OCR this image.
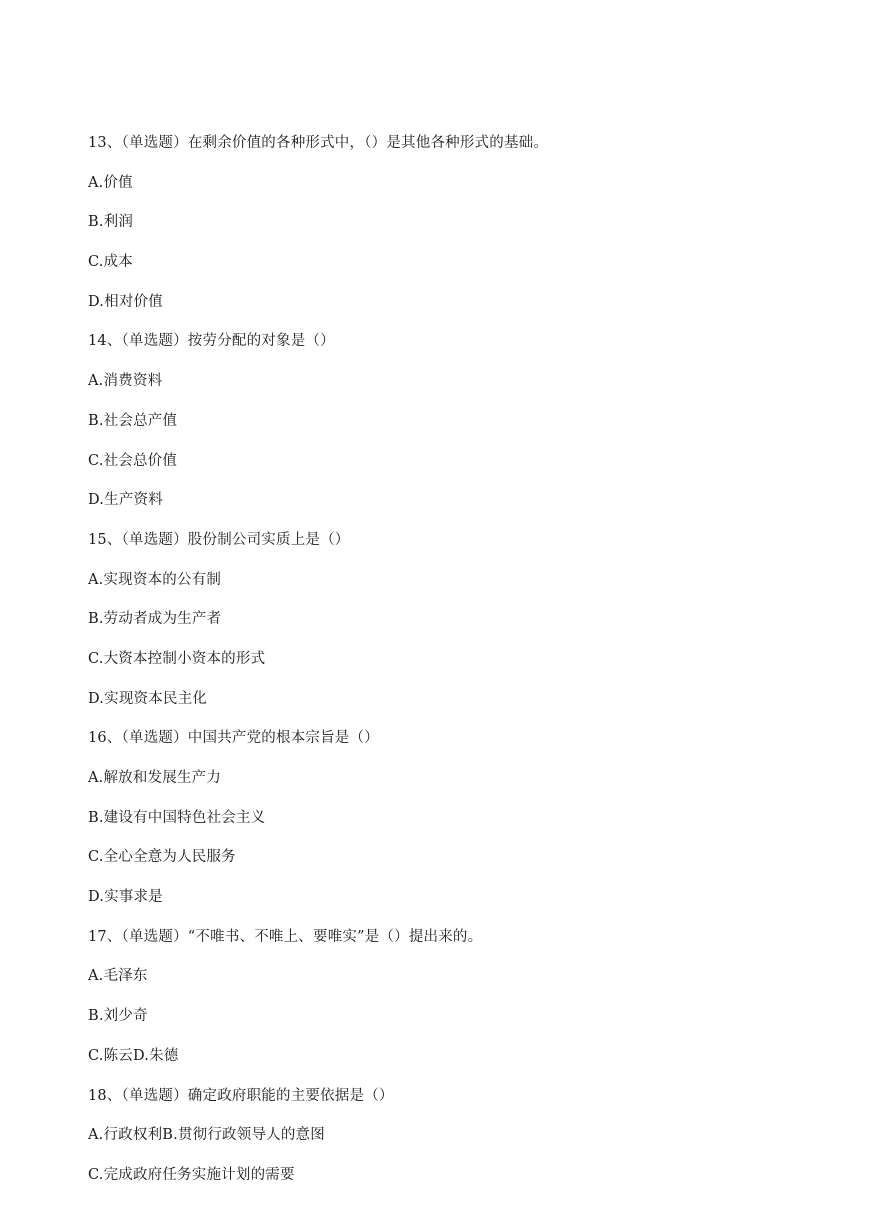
13、（单选题）在剩余价值的各种形式中，（）是其他各种形式的基础。
A.价值
B.利润
C.成本
D.相对价值
14、（单选题）按劳分配的对象是（）
A.消费资料
B.社会总产值
C.社会总价值
D.生产资料
15、（单选题）股份制公司实质上是（）
A.实现资本的公有制
B.劳动者成为生产者
C.大资本控制小资本的形式
D.实现资本民主化
16、（单选题）中国共产党的根本宗旨是（）
A.解放和发展生产力
B.建设有中国特色社会主义
C.全心全意为人民服务
D.实事求是
17、（单选题）“不唯书、不唯上、要唯实”是（）提出来的。
A.毛泽东
B.刘少奇
C.陈云D.朱德
18、（单选题）确定政府职能的主要依据是（）
A.行政权利B.贯彻行政领导人的意图
C.完成政府任务实施计划的需要
